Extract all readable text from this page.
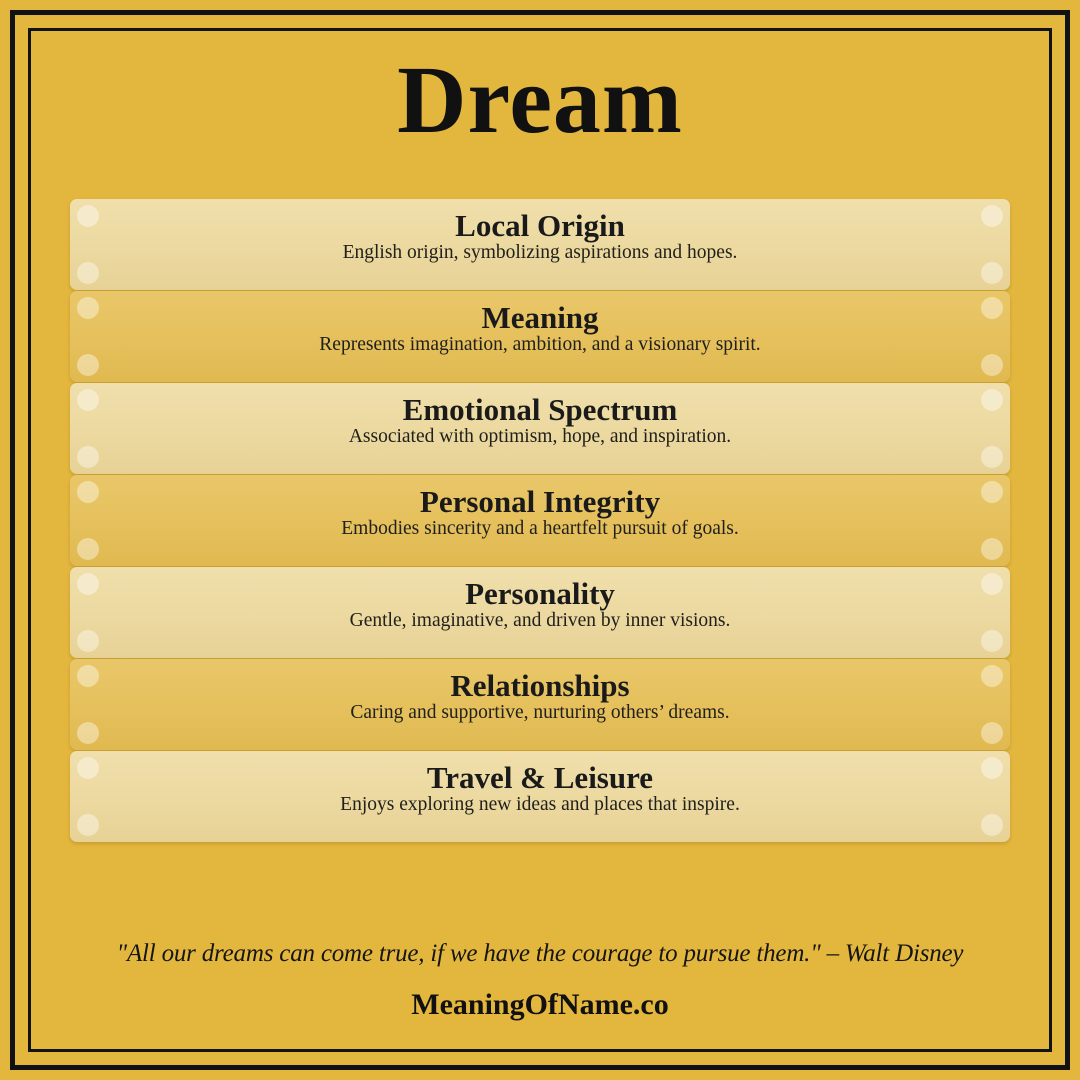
Dream
Local Origin
English origin, symbolizing aspirations and hopes.
Meaning
Represents imagination, ambition, and a visionary spirit.
Emotional Spectrum
Associated with optimism, hope, and inspiration.
Personal Integrity
Embodies sincerity and a heartfelt pursuit of goals.
Personality
Gentle, imaginative, and driven by inner visions.
Relationships
Caring and supportive, nurturing others’ dreams.
Travel & Leisure
Enjoys exploring new ideas and places that inspire.
"All our dreams can come true, if we have the courage to pursue them." – Walt Disney
MeaningOfName.co
